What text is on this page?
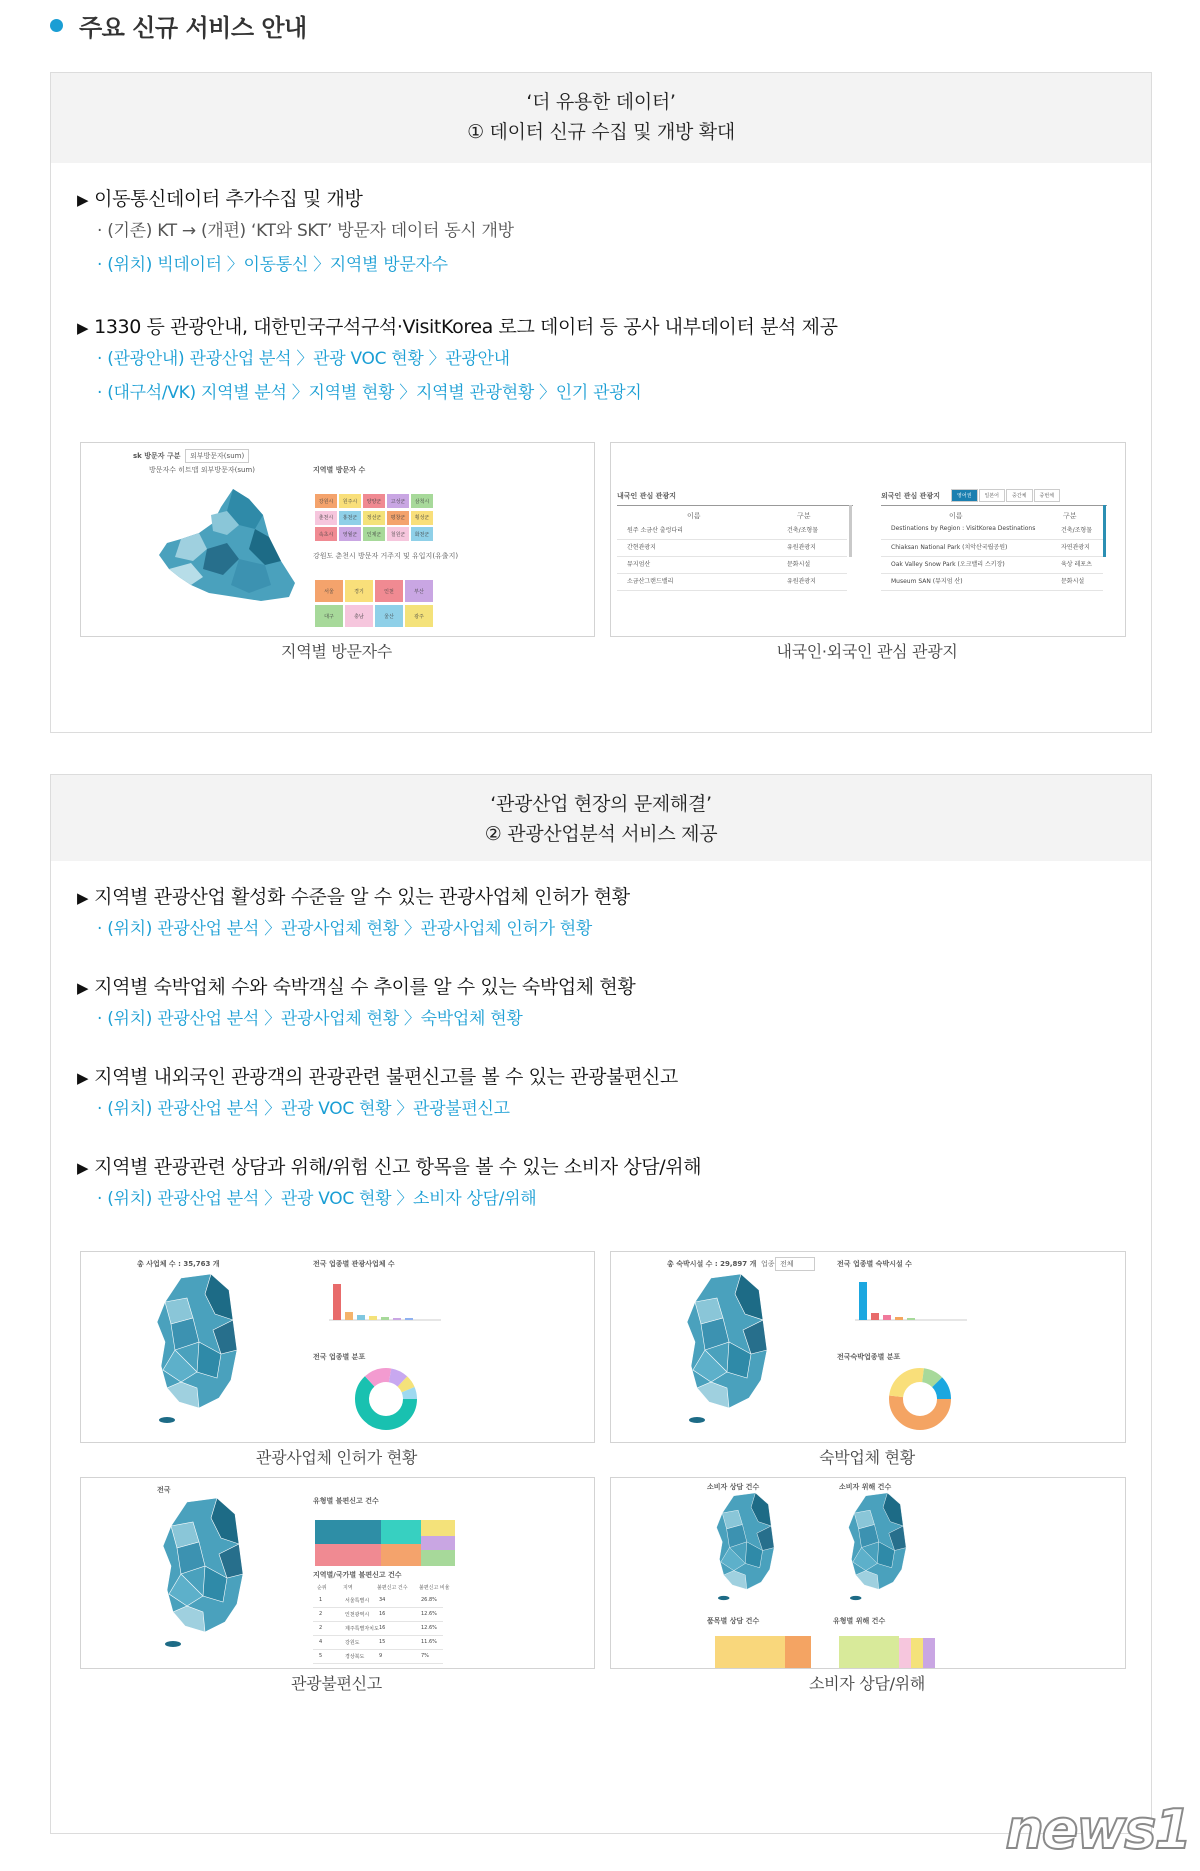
주요 신규 서비스 안내
‘더 유용한 데이터’
① 데이터 신규 수집 및 개방 확대
▶ 이동통신데이터 추가수집 및 개방
· (기존) KT → (개편) ‘KT와 SKT’ 방문자 데이터 동시 개방
· (위치) 빅데이터 〉이동통신 〉지역별 방문자수
▶ 1330 등 관광안내, 대한민국구석구석·VisitKorea 로그 데이터 등 공사 내부데이터 분석 제공
· (관광안내) 관광산업 분석 〉관광 VOC 현황 〉관광안내
· (대구석/VK) 지역별 분석 〉지역별 현황 〉지역별 관광현황 〉인기 관광지
sk 방문자 구분	외부방문자(sum)
방문자수 히트맵 외부방문자(sum)	지역별 방문자 수
강원시	원주시	양양군	고성군	삼척시
춘천시	홍천군	정선군	평창군	횡성군
속초시	영월군	인제군	철원군	화천군
강원도 춘천시 방문자 거주지 및 유입지(유출지)
서울	경기	인천	부산
대구	충남	울산	광주
지역별 방문자수
내국인 관심 관광지
이름	구분
원주 소금산 출렁다리	건축/조형물
간현관광지	유원관광지
뮤지엄산	문화시설
소금산그랜드밸리	유원관광지
외국인 관심 관광지	영어권	일본어	중간체	중번체
이름	구분
Destinations by Region : VisitKorea Destinations	건축/조형물
Chiaksan National Park (치악산국립공원)	자연관광지
Oak Valley Snow Park (오크밸리 스키장)	육상 레포츠
Museum SAN (뮤지엄 산)	문화시설
내국인·외국인 관심 관광지
‘관광산업 현장의 문제해결’
② 관광산업분석 서비스 제공
▶ 지역별 관광산업 활성화 수준을 알 수 있는 관광사업체 인허가 현황
· (위치) 관광산업 분석 〉관광사업체 현황 〉관광사업체 인허가 현황
▶ 지역별 숙박업체 수와 숙박객실 수 추이를 알 수 있는 숙박업체 현황
· (위치) 관광산업 분석 〉관광사업체 현황 〉숙박업체 현황
▶ 지역별 내외국인 관광객의 관광관련 불편신고를 볼 수 있는 관광불편신고
· (위치) 관광산업 분석 〉관광 VOC 현황 〉관광불편신고
▶ 지역별 관광관련 상담과 위해/위험 신고 항목을 볼 수 있는 소비자 상담/위해
· (위치) 관광산업 분석 〉관광 VOC 현황 〉소비자 상담/위해
총 사업체 수 : 35,763 개	전국 업종별 관광사업체 수
전국 업종별 분포
관광사업체 인허가 현황
총 숙박시설 수 : 29,897 개 업종 전체	전국 업종별 숙박시설 수
전국숙박업종별 분포
숙박업체 현황
전국
유형별 불편신고 건수
지역별/국가별 불편신고 건수
순위	지역	불편신고 건수 불편신고 비율
1	서울특별시 34	26.8%
2	인천광역시 16	12.6%
2	제주특별자치도 16	12.6%
4	강원도	15	11.6%
5	경상북도	9	7%
관광불편신고
소비자 상담 건수	소비자 위해 건수
품목별 상담 건수	유형별 위해 건수
소비자 상담/위해
news1
